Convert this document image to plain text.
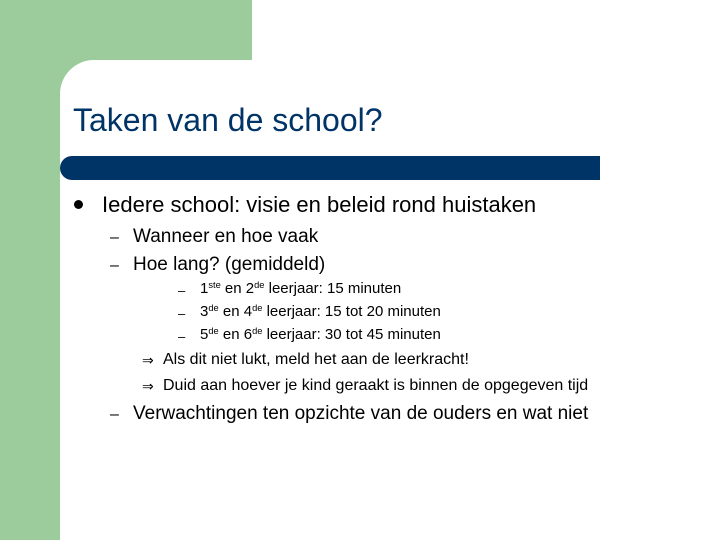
Taken van de school?
Iedere school: visie en beleid rond huistaken
– Wanneer en hoe vaak
– Hoe lang? (gemiddeld)
– 1ste en 2de leerjaar: 15 minuten
– 3de en 4de leerjaar: 15 tot 20 minuten
– 5de en 6de leerjaar: 30 tot 45 minuten
⇒ Als dit niet lukt, meld het aan de leerkracht!
⇒ Duid aan hoever je kind geraakt is binnen de opgegeven tijd
– Verwachtingen ten opzichte van de ouders en wat niet
